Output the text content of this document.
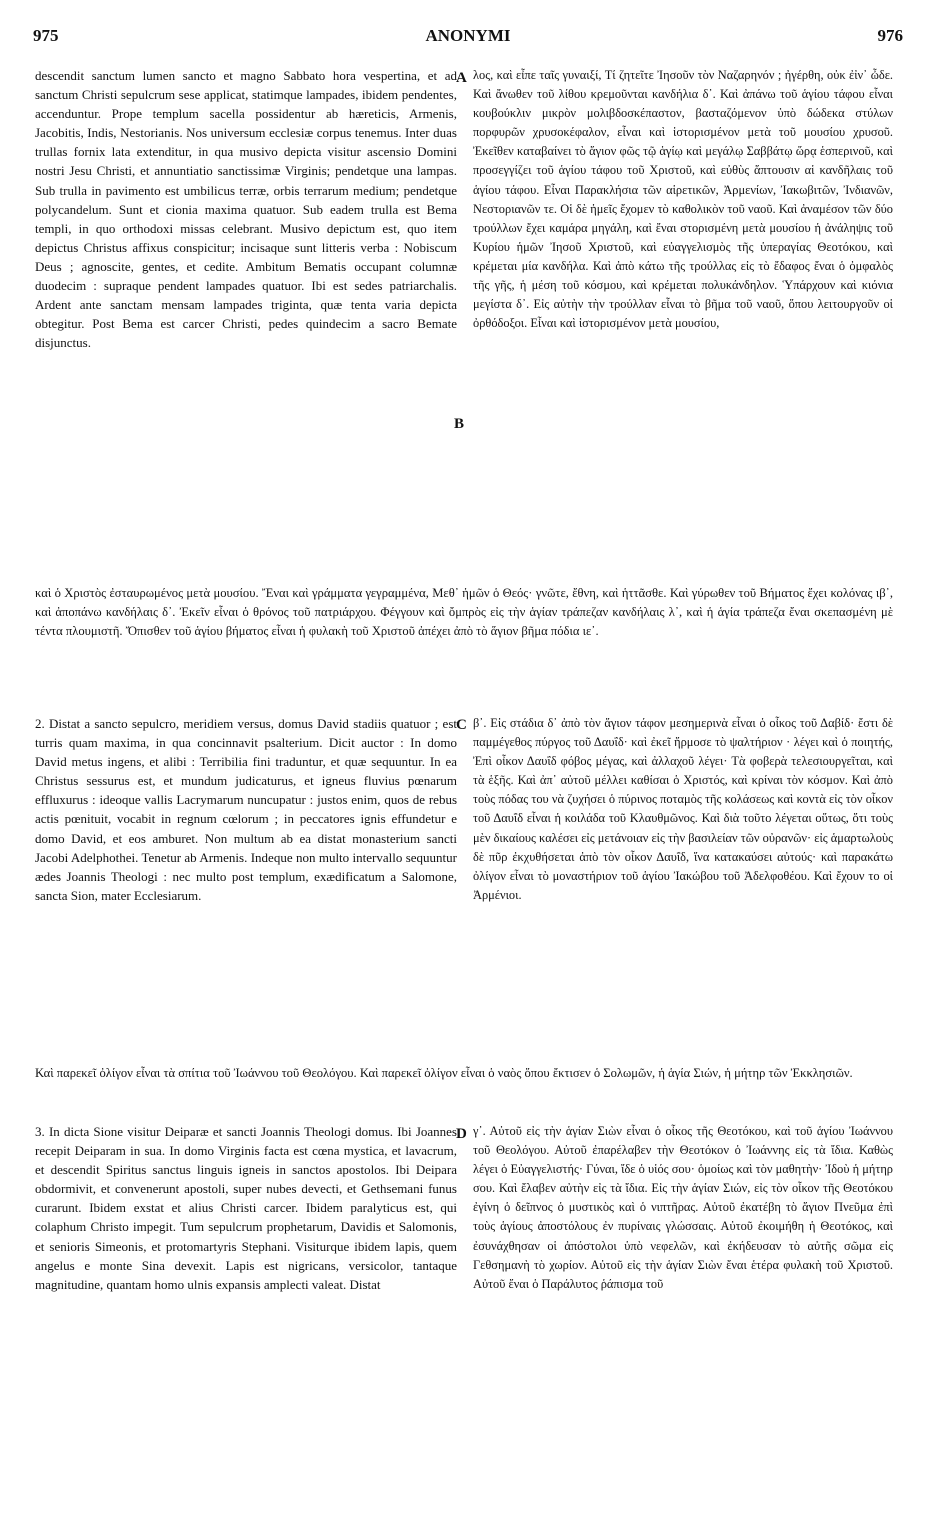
975	ANONYMI	976
descendit sanctum lumen sancto et magno Sabbato hora vespertina, et ad sanctum Christi sepulcrum sese applicat, statimque lampades, ibidem pendentes, accenduntur. Prope templum sacella possidentur ab hæreticis, Armenis, Jacobitis, Indis, Nestorianis. Nos universum ecclesiæ corpus tenemus. Inter duas trullas fornix lata extenditur, in qua musivo depicta visitur ascensio Domini nostri Jesu Christi, et annuntiatio sanctissimæ Virginis; pendetque una lampas. Sub trulla in pavimento est umbilicus terræ, orbis terrarum medium; pendetque polycandelum. Sunt et cionia maxima quatuor. Sub eadem trulla est Bema templi, in quo orthodoxi missas celebrant. Musivo depictum est, quo item depictus Christus affixus conspicitur; incisaque sunt litteris verba : Nobiscum Deus ; agnoscite, gentes, et cedite. Ambitum Bematis occupant columnæ duodecim : supraque pendent lampades quatuor. Ibi est sedes patriarchalis. Ardent ante sanctam mensam lampades triginta, quæ tenta varia depicta obtegitur. Post Bema est carcer Christi, pedes quindecim a sacro Bemate disjunctus.
λος, καὶ εἶπε ταῖς γυναιξί, Τί ζητεῖτε Ἰησοῦν τὸν Ναζαρηνόν ; ἠγέρθη, οὐκ ἐἰν᾽ ὦδε. Καὶ ἄνωθεν τοῦ λίθου κρεμοῦνται κανδήλια δ᾽. Καὶ ἀπάνω τοῦ ἁγίου τάφου εἶναι κουβούκλιν μικρὸν μολιβδοσκέπαστον, βασταζόμενον ὑπὸ δώδεκα στύλων πορφυρῶν χρυσοκέφαλον, εἶναι καὶ ἱστορισμένον μετὰ τοῦ μουσίου χρυσοῦ. Ἐκεῖθεν καταβαίνει τὸ ἅγιον φῶς τῷ ἁγίῳ καὶ μεγάλῳ Σαββάτῳ ὥρᾳ ἑσπερινοῦ, καὶ προσεγγίζει τοῦ ἁγίου τάφου τοῦ Χριστοῦ, καὶ εὐθὺς ἅπτουσιν αἱ κανδῆλαις τοῦ ἁγίου τάφου. Εἶναι Παρακλήσια τῶν αἱρετικῶν, Ἀρμενίων, Ἰακωβιτῶν, Ἰνδιανῶν, Νεστοριανῶν τε. Οἱ δὲ ἡμεῖς ἔχομεν τὸ καθολικὸν τοῦ ναοῦ. Καὶ ἀναμέσον τῶν δύο τρούλλων ἔχει καμάρα μηγάλη, καὶ ἔναι στορισμένη μετὰ μουσίου ἡ ἀνάληψις τοῦ Κυρίου ἡμῶν Ἰησοῦ Χριστοῦ, καὶ εὐαγγελισμὸς τῆς ὑπεραγίας Θεοτόκου, καὶ κρέμεται μία κανδήλα. Καὶ ἀπὸ κάτω τῆς τρούλλας εἰς τὸ ἔδαφος ἔναι ὁ ὀμφαλὸς τῆς γῆς, ἡ μέση τοῦ κόσμου, καὶ κρέμεται πολυκάνδηλον. Ὑπάρχουν καὶ κιόνια μεγίστα δ᾽. Εἰς αὐτὴν τὴν τρούλλαν εἶναι τὸ βῆμα τοῦ ναοῦ, ὅπου λειτουργοῦν οἱ ὀρθόδοξοι. Εἶναι καὶ ἱστορισμένον μετὰ μουσίου,
A
B
καὶ ὁ Χριστὸς ἐσταυρωμένος μετὰ μουσίου. Ἔναι καὶ γράμματα γεγραμμένα, Μεθ᾽ ἡμῶν ὁ Θεός· γνῶτε, ἔθνη, καὶ ἡττᾶσθε. Καὶ γύρωθεν τοῦ Βήματος ἔχει κολόνας ιβ᾽, καὶ ἀποπάνω κανδήλαις δ᾽. Ἐκεῖν εἶναι ὁ θρόνος τοῦ πατριάρχου. Φέγγουν καὶ ὄμπρὸς εἰς τὴν ἁγίαν τράπεζαν κανδήλαις λ᾽, καὶ ἡ ἁγία τράπεζα ἔναι σκεπασμένη μὲ τέντα πλουμιστῆ. Ὄπισθεν τοῦ ἁγίου βήματος εἶναι ἡ φυλακὴ τοῦ Χριστοῦ ἀπέχει ἀπὸ τὸ ἅγιον βῆμα πόδια ιε᾽.
2. Distat a sancto sepulcro, meridiem versus, domus David stadiis quatuor ; est turris quam maxima, in qua concinnavit psalterium. Dicit auctor : In domo David metus ingens, et alibi : Terribilia fini traduntur, et quæ sequuntur. In ea Christus sessurus est, et mundum judicaturus, et igneus fluvius pœnarum effluxurus : ideoque vallis Lacrymarum nuncupatur : justos enim, quos de rebus actis pœnituit, vocabit in regnum cœlorum ; in peccatores ignis effundetur e domo David, et eos amburet. Non multum ab ea distat monasterium sancti Jacobi Adelphothei. Tenetur ab Armenis. Indeque non multo intervallo sequuntur ædes Joannis Theologi : nec multo post templum, exædificatum a Salomone, sancta Sion, mater Ecclesiarum.
β᾽. Εἰς στάδια δ᾽ ἀπὸ τὸν ἅγιον τάφον μεσημερινὰ εἶναι ὁ οἶκος τοῦ Δαβίδ· ἔστι δὲ παμμέγεθος πύργος τοῦ Δαυΐδ· καὶ ἐκεῖ ἥρμοσε τὸ ψαλτήριον · λέγει καὶ ὁ ποιητής, Ἐπὶ οἶκον Δαυΐδ φόβος μέγας, καὶ ἀλλαχοῦ λέγει· Τὰ φοβερὰ τελεσιουργεῖται, καὶ τὰ ἑξῆς. Καὶ ἀπ᾽ αὐτοῦ μέλλει καθίσαι ὁ Χριστός, καὶ κρίναι τὸν κόσμον. Καὶ ἀπὸ τοὺς πόδας του νὰ ζυχήσει ὁ πύρινος ποταμὸς τῆς κολάσεως καὶ κοντὰ εἰς τὸν οἶκον τοῦ Δαυΐδ εἶναι ἡ κοιλάδα τοῦ Κλαυθμῶνος. Καὶ διὰ τοῦτο λέγεται οὕτως, ὅτι τοὺς μὲν δικαίους καλέσει εἰς μετάνοιαν εἰς τὴν βασιλείαν τῶν οὐρανῶν· εἰς ἁμαρτωλοὺς δὲ πῦρ ἐκχυθήσεται ἀπὸ τὸν οἶκον Δαυΐδ, ἵνα κατακαύσει αὐτούς· καὶ παρακάτω ὀλίγον εἶναι τὸ μοναστήριον τοῦ ἁγίου Ἰακώβου τοῦ Ἀδελφοθέου. Καὶ ἔχουν το οἱ Ἀρμένιοι.
C
Καὶ παρεκεῖ ὀλίγον εἶναι τὰ σπίτια τοῦ Ἰωάννου τοῦ Θεολόγου. Καὶ παρεκεῖ ὀλίγον εἶναι ὁ ναὸς ὅπου ἔκτισεν ὁ Σολωμῶν, ἡ ἁγία Σιών, ἡ μήτηρ τῶν Ἐκκλησιῶν.
3. In dicta Sione visitur Deiparæ et sancti Joannis Theologi domus. Ibi Joannes recepit Deiparam in sua. In domo Virginis facta est cœna mystica, et lavacrum, et descendit Spiritus sanctus linguis igneis in sanctos apostolos. Ibi Deipara obdormivit, et convenerunt apostoli, super nubes devecti, et Gethsemani funus curarunt. Ibidem exstat et alius Christi carcer. Ibidem paralyticus est, qui colaphum Christo impegit. Tum sepulcrum prophetarum, Davidis et Salomonis, et senioris Simeonis, et protomartyris Stephani. Visiturque ibidem lapis, quem angelus e monte Sina devexit. Lapis est nigricans, versicolor, tantaque magnitudine, quantam homo ulnis expansis amplecti valeat. Distat
γ᾽. Αὐτοῦ εἰς τὴν ἁγίαν Σιὼν εἶναι ὁ οἶκος τῆς Θεοτόκου, καὶ τοῦ ἁγίου Ἰωάννου τοῦ Θεολόγου. Αὐτοῦ ἐπαρέλαβεν τὴν Θεοτόκον ὁ Ἰωάννης εἰς τὰ ἴδια. Καθὼς λέγει ὁ Εὐαγγελιστής· Γύναι, ἴδε ὁ υἱός σου· ὁμοίως καὶ τὸν μαθητὴν· Ἰδοὺ ἡ μήτηρ σου. Καὶ ἔλαβεν αὐτὴν εἰς τὰ ἴδια. Εἰς τὴν ἁγίαν Σιών, εἰς τὸν οἶκον τῆς Θεοτόκου ἐγίνη ὁ δεῖπνος ὁ μυστικὸς καὶ ὁ νιπτῆρας. Αὐτοῦ ἐκατέβη τὸ ἅγιον Πνεῦμα ἐπὶ τοὺς ἁγίους ἀποστόλους ἐν πυρίναις γλώσσαις. Αὐτοῦ ἐκοιμήθη ἡ Θεοτόκος, καὶ ἐσυνάχθησαν οἱ ἀπόστολοι ὑπὸ νεφελῶν, καὶ ἐκήδευσαν τὸ αὐτῆς σῶμα εἰς Γεθσημανὴ τὸ χωρίον. Αὐτοῦ εἰς τὴν ἁγίαν Σιὼν ἔναι ἑτέρα φυλακὴ τοῦ Χριστοῦ. Αὐτοῦ ἔναι ὁ Παράλυτος ῥάπισμα τοῦ
D
